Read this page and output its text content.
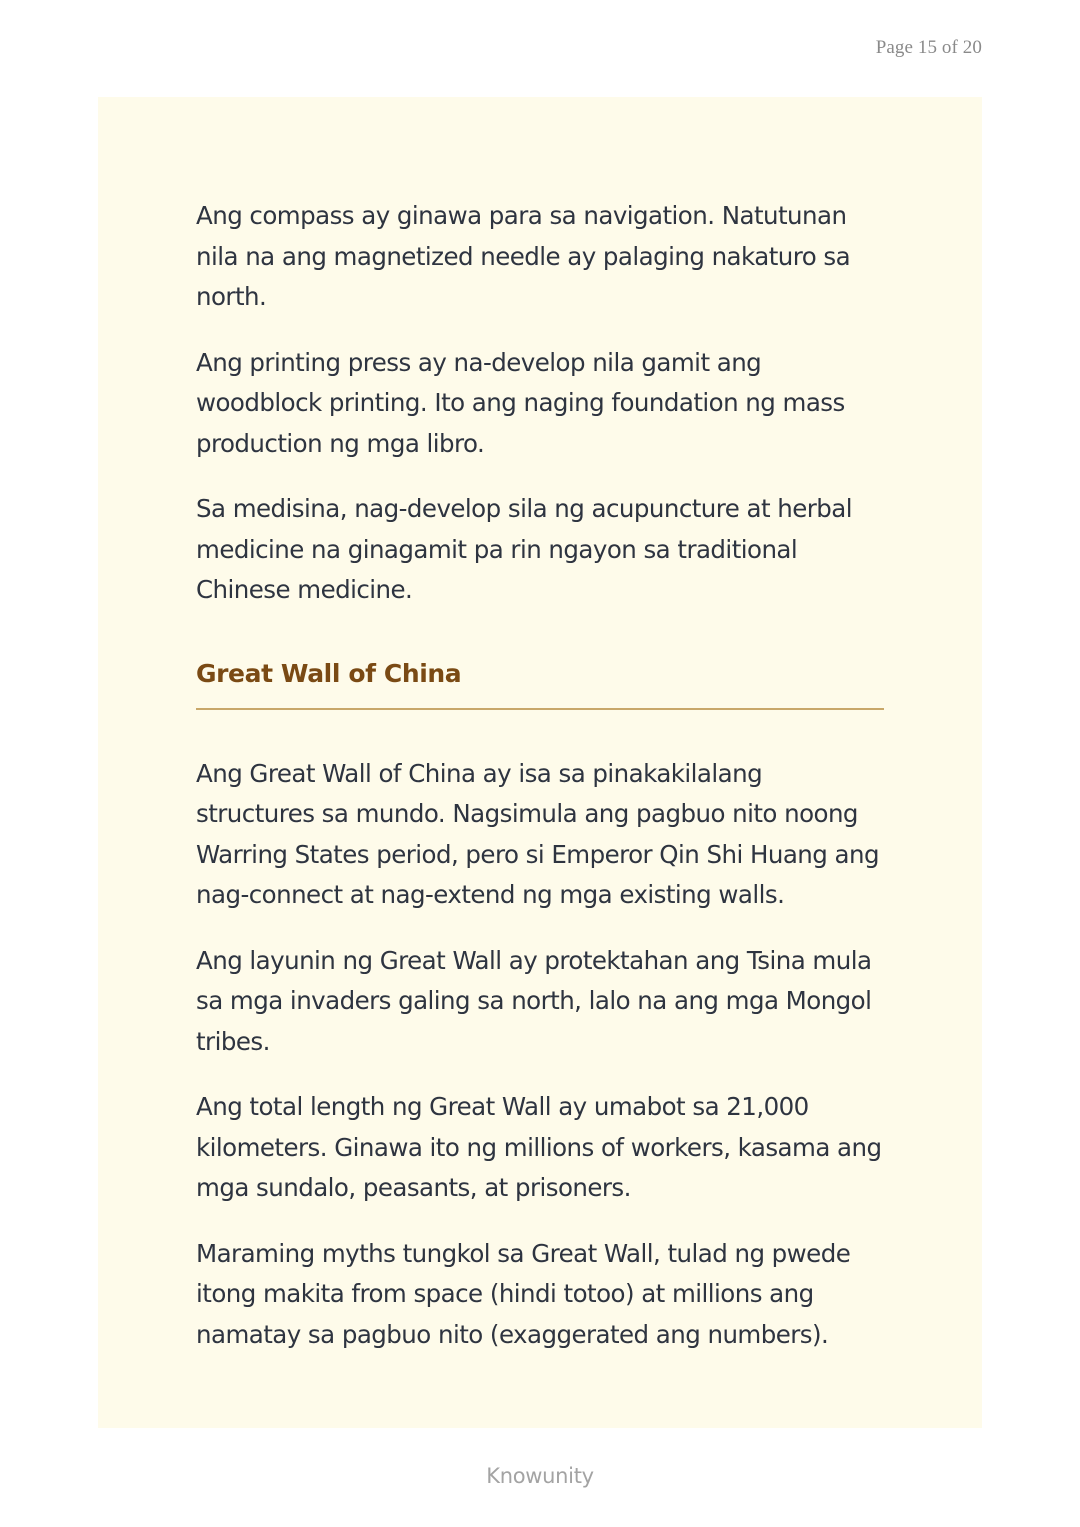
Page 15 of 20

Ang compass ay ginawa para sa navigation. Natutunan nila na ang magnetized needle ay palaging nakaturo sa north.

Ang printing press ay na-develop nila gamit ang woodblock printing. Ito ang naging foundation ng mass production ng mga libro.

Sa medisina, nag-develop sila ng acupuncture at herbal medicine na ginagamit pa rin ngayon sa traditional Chinese medicine.

Great Wall of China

Ang Great Wall of China ay isa sa pinakakilalang structures sa mundo. Nagsimula ang pagbuo nito noong Warring States period, pero si Emperor Qin Shi Huang ang nag-connect at nag-extend ng mga existing walls.

Ang layunin ng Great Wall ay protektahan ang Tsina mula sa mga invaders galing sa north, lalo na ang mga Mongol tribes.

Ang total length ng Great Wall ay umabot sa 21,000 kilometers. Ginawa ito ng millions of workers, kasama ang mga sundalo, peasants, at prisoners.

Maraming myths tungkol sa Great Wall, tulad ng pwede itong makita from space (hindi totoo) at millions ang namatay sa pagbuo nito (exaggerated ang numbers).

Knowunity
